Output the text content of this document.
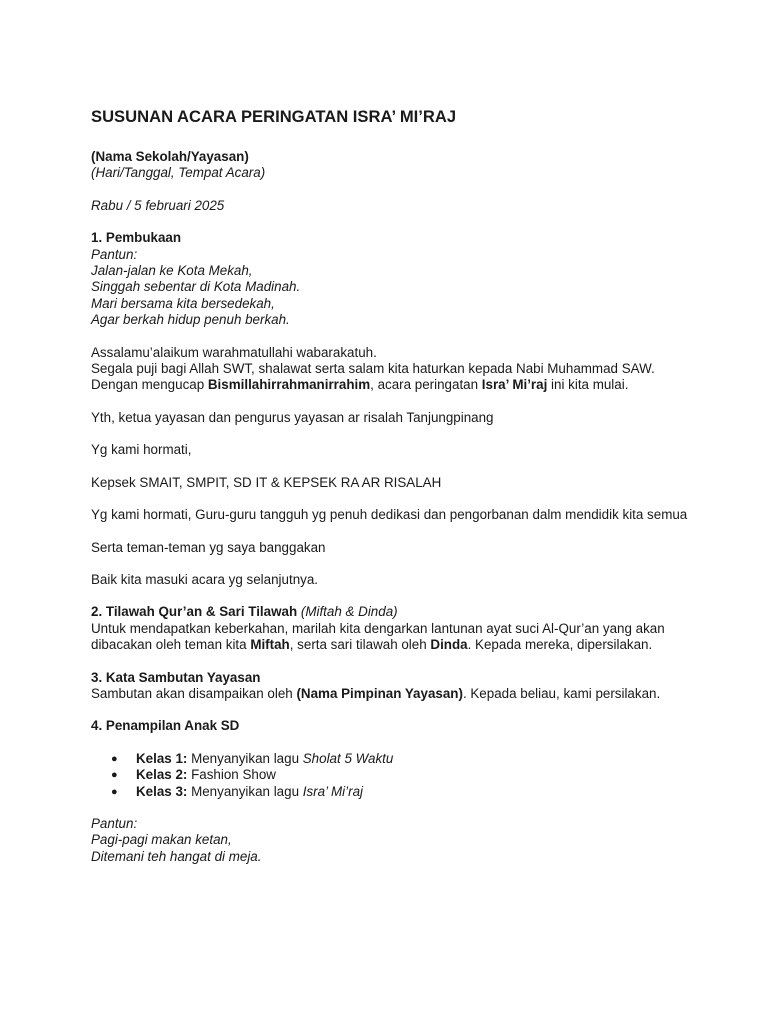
SUSUNAN ACARA PERINGATAN ISRA’ MI’RAJ

(Nama Sekolah/Yayasan)

(Hari/Tanggal, Tempat Acara)

Rabu / 5 februari 2025

1. Pembukaan

Pantun:

Jalan-jalan ke Kota Mekah,

Singgah sebentar di Kota Madinah.

Mari bersama kita bersedekah,

Agar berkah hidup penuh berkah.

Assalamu’alaikum warahmatullahi wabarakatuh.

Segala puji bagi Allah SWT, shalawat serta salam kita haturkan kepada Nabi Muhammad SAW. Dengan mengucap Bismillahirrahmanirrahim, acara peringatan Isra’ Mi’raj ini kita mulai.

Yth, ketua yayasan dan pengurus yayasan ar risalah Tanjungpinang

Yg kami hormati,

Kepsek SMAIT, SMPIT, SD IT & KEPSEK RA AR RISALAH

Yg kami hormati, Guru-guru tangguh yg penuh dedikasi dan pengorbanan dalm mendidik kita semua

Serta teman-teman yg saya banggakan

Baik kita masuki acara yg selanjutnya.

2. Tilawah Qur’an & Sari Tilawah (Miftah & Dinda)

Untuk mendapatkan keberkahan, marilah kita dengarkan lantunan ayat suci Al-Qur’an yang akan dibacakan oleh teman kita Miftah, serta sari tilawah oleh Dinda. Kepada mereka, dipersilakan.

3. Kata Sambutan Yayasan

Sambutan akan disampaikan oleh (Nama Pimpinan Yayasan). Kepada beliau, kami persilakan.

4. Penampilan Anak SD

● Kelas 1: Menyanyikan lagu Sholat 5 Waktu
● Kelas 2: Fashion Show
● Kelas 3: Menyanyikan lagu Isra’ Mi’raj

Pantun:

Pagi-pagi makan ketan,

Ditemani teh hangat di meja.
